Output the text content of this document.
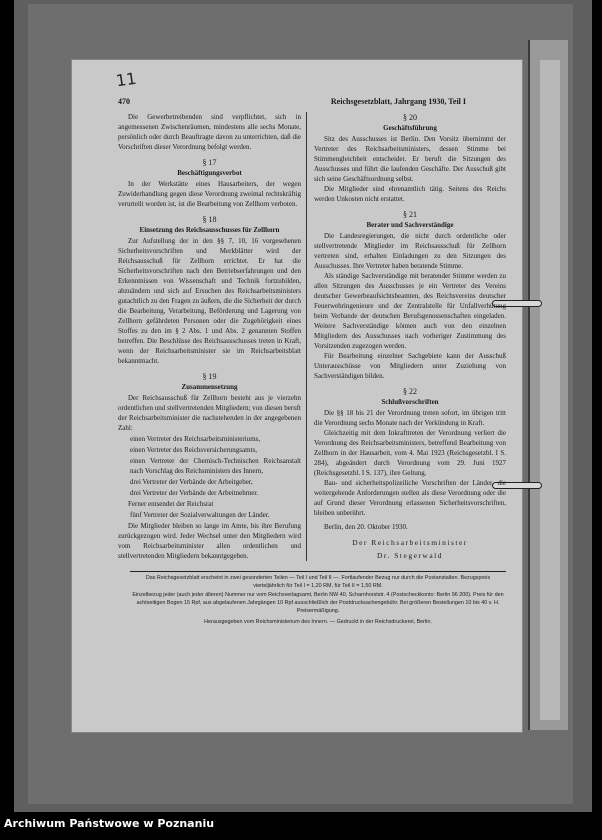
11
470	Reichsgesetzblatt, Jahrgang 1930, Teil I

Die Gewerbetreibenden sind verpflichtet, sich in angemessenen Zwischenräumen, mindestens alle sechs Monate, persönlich oder durch Beauftragte davon zu unterrichten, daß die Vorschriften dieser Verordnung befolgt werden.

§ 17
Beschäftigungsverbot

In der Werkstätte eines Hausarbeiters, der wegen Zuwiderhandlung gegen diese Verordnung zweimal rechtskräftig verurteilt worden ist, ist die Bearbeitung von Zellhorn verboten.

§ 18
Einsetzung des Reichsausschusses für Zellhorn

Zur Aufstellung der in den §§ 7, 10, 16 vorgesehenen Sicherheitsvorschriften und Merkblätter wird der Reichsausschuß für Zellhorn errichtet. Er hat die Sicherheitsvorschriften nach den Betriebserfahrungen und den Erkenntnissen von Wissenschaft und Technik fortzubilden, abzuändern und sich auf Ersuchen des Reichsarbeitsministers gutachtlich zu den Fragen zu äußern, die die Sicherheit der durch die Bearbeitung, Verarbeitung, Beförderung und Lagerung von Zellhorn gefährdeten Personen oder die Zugehörigkeit eines Stoffes zu den im § 2 Abs. 1 und Abs. 2 genannten Stoffen betreffen. Die Beschlüsse des Reichsausschusses treten in Kraft, wenn der Reichsarbeitsminister sie im Reichsarbeitsblatt bekanntmacht.

§ 19
Zusammensetzung

Der Reichsausschuß für Zellhorn besteht aus je vierzehn ordentlichen und stellvertretenden Mitgliedern; von diesen beruft der Reichsarbeitsminister die nachstehenden in der angegebenen Zahl:

einen Vertreter des Reichsarbeitsministeriums,

einen Vertreter des Reichsversicherungsamts,

einen Vertreter der Chemisch-Technischen Reichsanstalt nach Vorschlag des Reichsministers des Innern,

drei Vertreter der Verbände der Arbeitgeber,

drei Vertreter der Verbände der Arbeitnehmer.

Ferner entsendet der Reichsrat

fünf Vertreter der Sozialverwaltungen der Länder.

Die Mitglieder bleiben so lange im Amte, bis ihre Berufung zurückgezogen wird. Jeder Wechsel unter den Mitgliedern wird vom Reichsarbeitsminister allen ordentlichen und stellvertretenden Mitgliedern bekanntgegeben.

§ 20
Geschäftsführung

Sitz des Ausschusses ist Berlin. Den Vorsitz übernimmt der Vertreter des Reichsarbeitsministers, dessen Stimme bei Stimmengleichheit entscheidet. Er beruft die Sitzungen des Ausschusses und führt die laufenden Geschäfte. Der Ausschuß gibt sich seine Geschäftsordnung selbst.

Die Mitglieder sind ehrenamtlich tätig. Seitens des Reichs werden Unkosten nicht erstattet.

§ 21
Berater und Sachverständige

Die Landesregierungen, die nicht durch ordentliche oder stellvertretende Mitglieder im Reichsausschuß für Zellhorn vertreten sind, erhalten Einladungen zu den Sitzungen des Ausschusses. Ihre Vertreter haben beratende Stimme.

Als ständige Sachverständige mit beratender Stimme werden zu allen Sitzungen des Ausschusses je ein Vertreter des Vereins deutscher Gewerbeaufsichtsbeamten, des Reichsvereins deutscher Feuerwehringenieure und der Zentralstelle für Unfallverhütung beim Verbande der deutschen Berufsgenossenschaften eingeladen. Weitere Sachverständige können auch von den einzelnen Mitgliedern des Ausschusses nach vorheriger Zustimmung des Vorsitzenden zugezogen werden.

Für Bearbeitung einzelner Sachgebiete kann der Ausschuß Unterausschüsse von Mitgliedern unter Zuziehung von Sachverständigen bilden.

§ 22
Schlußvorschriften

Die §§ 18 bis 21 der Verordnung treten sofort, im übrigen tritt die Verordnung sechs Monate nach der Verkündung in Kraft.

Gleichzeitig mit dem Inkrafttreten der Verordnung verliert die Verordnung des Reichsarbeitsministers, betreffend Bearbeitung von Zellhorn in der Hausarbeit, vom 4. Mai 1923 (Reichsgesetzbl. I S. 284), abgeändert durch Verordnung vom 29. Juni 1927 (Reichsgesetzbl. I S. 137), ihre Geltung.

Bau- und sicherheitspolizeiliche Vorschriften der Länder, die weitergehende Anforderungen stellen als diese Verordnung oder die auf Grund dieser Verordnung erlassenen Sicherheitsvorschriften, bleiben unberührt.

Berlin, den 20. Oktober 1930.

Der Reichsarbeitsminister
Dr. Stegerwald
Das Reichsgesetzblatt erscheint in zwei gesonderten Teilen — Teil I und Teil II —. Fortlaufender Bezug nur durch die Postanstalten. Bezugspreis vierteljährlich für Teil I = 1,20 RM, für Teil II = 1,50 RM.
Einzelbezug jeder (auch jeder älteren) Nummer nur vom Reichsverlagsamt, Berlin NW 40, Scharnhorststr. 4 (Postscheckkonto: Berlin 96 200). Preis für den achtseitigen Bogen 15 Rpf, aus abgelaufenen Jahrgängen 10 Rpf ausschließlich der Postdrucksachengebühr. Bei größeren Bestellungen 10 bis 40 v. H. Preisermäßigung.
Herausgegeben vom Reichsministerium des Innern. — Gedruckt in der Reichsdruckerei, Berlin.
Archiwum Państwowe w Poznaniu
